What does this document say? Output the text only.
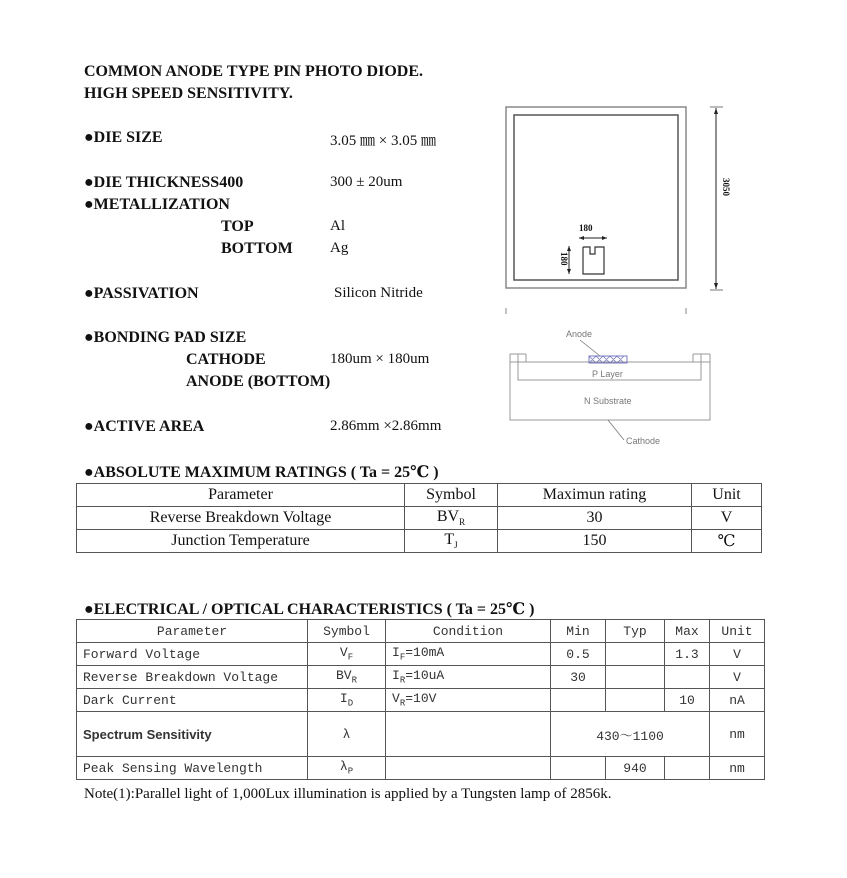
COMMON ANODE TYPE PIN PHOTO DIODE.
HIGH SPEED SENSITIVITY.
●DIE SIZE	3.05 ㎜ × 3.05 ㎜
●DIE THICKNESS400	300 ± 20um
●METALLIZATION
TOP	Al
BOTTOM Ag
●PASSIVATION	Silicon Nitride
●BONDING PAD SIZE
CATHODE	180um × 180um
ANODE (BOTTOM)
●ACTIVE AREA	2.86mm ×2.86mm
180
180
3050
Anode
P Layer
N Substrate
Cathode
●ABSOLUTE MAXIMUM RATINGS ( Ta = 25℃ )
Parameter	Symbol	Maximun rating	Unit
Reverse Breakdown Voltage	$BV_R$	30	V
Junction Temperature	$T_J$	150	℃
●ELECTRICAL / OPTICAL CHARACTERISTICS ( Ta = 25℃ )
Parameter	Symbol	Condition	Min	Typ	Max	Unit
Forward Voltage	$V_F$	$I_F=10mA$	0.5		1.3	V
Reverse Breakdown Voltage	$BV_R$	$I_R=10uA$	30			V
Dark Current	$I_D$	$V_R=10V$			10	nA
Spectrum Sensitivity	λ		430～1100			nm
Peak Sensing Wavelength	$\lambda_P$			940		nm
Note(1):Parallel light of 1,000Lux illumination is applied by a Tungsten lamp of 2856k.
